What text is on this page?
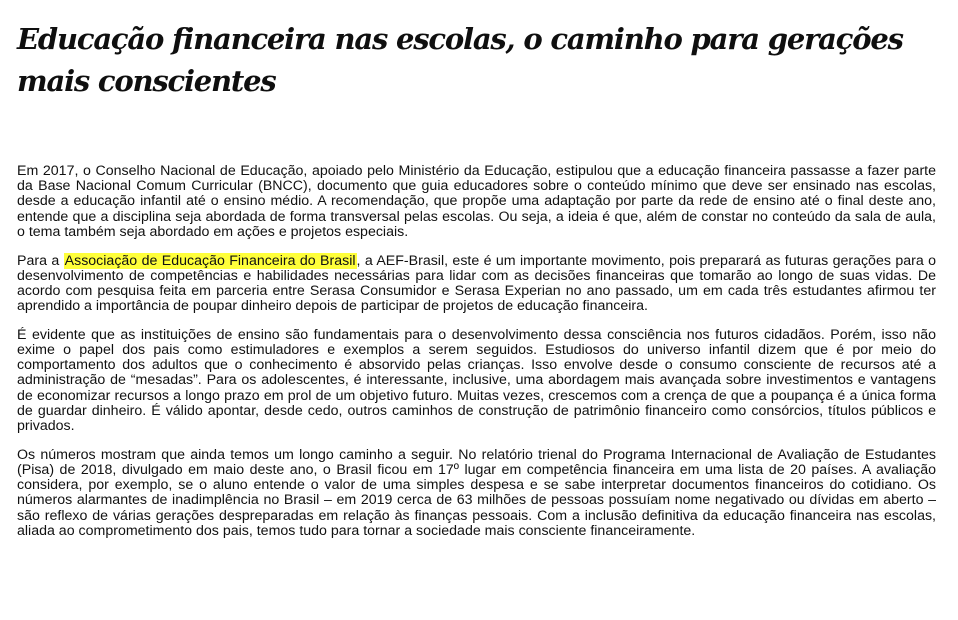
Educação financeira nas escolas, o caminho para gerações mais conscientes

Em 2017, o Conselho Nacional de Educação, apoiado pelo Ministério da Educação, estipulou que a educação financeira passasse a fazer parte da Base Nacional Comum Curricular (BNCC), documento que guia educadores sobre o conteúdo mínimo que deve ser ensinado nas escolas, desde a educação infantil até o ensino médio. A recomendação, que propõe uma adaptação por parte da rede de ensino até o final deste ano, entende que a disciplina seja abordada de forma transversal pelas escolas. Ou seja, a ideia é que, além de constar no conteúdo da sala de aula, o tema também seja abordado em ações e projetos especiais.

Para a Associação de Educação Financeira do Brasil, a AEF-Brasil, este é um importante movimento, pois preparará as futuras gerações para o desenvolvimento de competências e habilidades necessárias para lidar com as decisões financeiras que tomarão ao longo de suas vidas. De acordo com pesquisa feita em parceria entre Serasa Consumidor e Serasa Experian no ano passado, um em cada três estudantes afirmou ter aprendido a importância de poupar dinheiro depois de participar de projetos de educação financeira.

É evidente que as instituições de ensino são fundamentais para o desenvolvimento dessa consciência nos futuros cidadãos. Porém, isso não exime o papel dos pais como estimuladores e exemplos a serem seguidos. Estudiosos do universo infantil dizem que é por meio do comportamento dos adultos que o conhecimento é absorvido pelas crianças. Isso envolve desde o consumo consciente de recursos até a administração de “mesadas”. Para os adolescentes, é interessante, inclusive, uma abordagem mais avançada sobre investimentos e vantagens de economizar recursos a longo prazo em prol de um objetivo futuro. Muitas vezes, crescemos com a crença de que a poupança é a única forma de guardar dinheiro. É válido apontar, desde cedo, outros caminhos de construção de patrimônio financeiro como consórcios, títulos públicos e privados.

Os números mostram que ainda temos um longo caminho a seguir. No relatório trienal do Programa Internacional de Avaliação de Estudantes (Pisa) de 2018, divulgado em maio deste ano, o Brasil ficou em 17º lugar em competência financeira em uma lista de 20 países. A avaliação considera, por exemplo, se o aluno entende o valor de uma simples despesa e se sabe interpretar documentos financeiros do cotidiano. Os números alarmantes de inadimplência no Brasil – em 2019 cerca de 63 milhões de pessoas possuíam nome negativado ou dívidas em aberto – são reflexo de várias gerações despreparadas em relação às finanças pessoais. Com a inclusão definitiva da educação financeira nas escolas, aliada ao comprometimento dos pais, temos tudo para tornar a sociedade mais consciente financeiramente.
